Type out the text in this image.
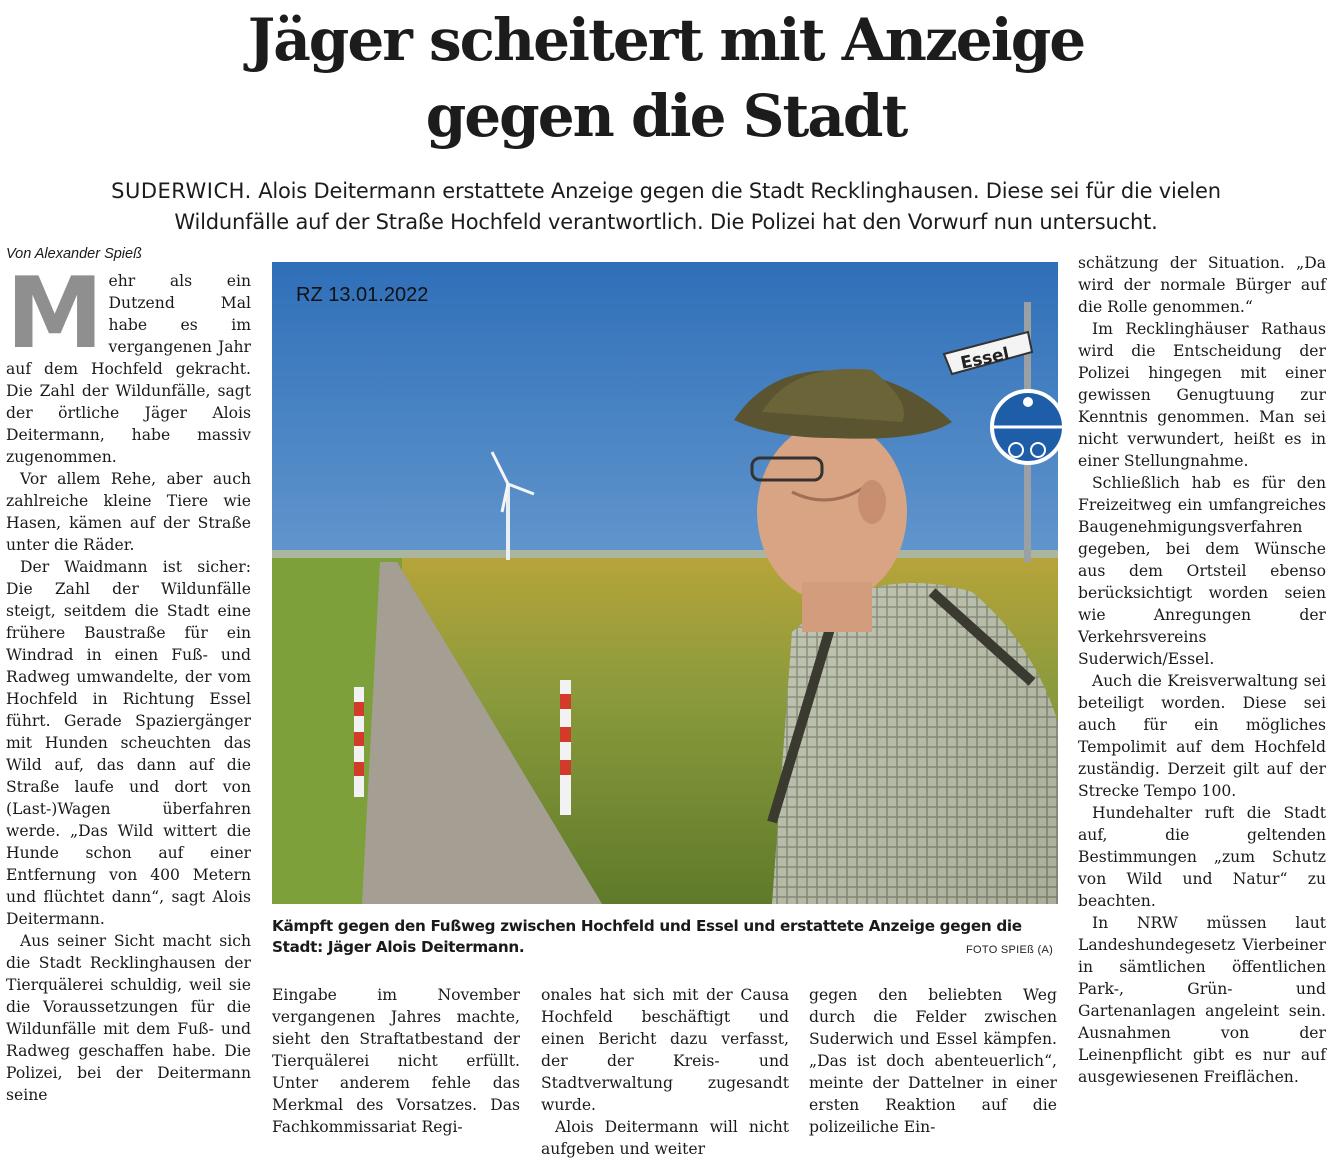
Jäger scheitert mit Anzeige
gegen die Stadt
SUDERWICH. Alois Deitermann erstattete Anzeige gegen die Stadt Recklinghausen. Diese sei für die vielen
Wildunfälle auf der Straße Hochfeld verantwortlich. Die Polizei hat den Vorwurf nun untersucht.
Von Alexander Spieß

Mehr als ein Dutzend Mal habe es im vergangenen Jahr auf dem Hochfeld gekracht. Die Zahl der Wildunfälle, sagt der örtliche Jäger Alois Deitermann, habe massiv zugenommen.

Vor allem Rehe, aber auch zahlreiche kleine Tiere wie Hasen, kämen auf der Straße unter die Räder.

Der Waidmann ist sicher: Die Zahl der Wildunfälle steigt, seitdem die Stadt eine frühere Baustraße für ein Windrad in einen Fuß- und Radweg umwandelte, der vom Hochfeld in Richtung Essel führt. Gerade Spaziergänger mit Hunden scheuchten das Wild auf, das dann auf die Straße laufe und dort von (Last-)Wagen überfahren werde. „Das Wild wittert die Hunde schon auf einer Entfernung von 400 Metern und flüchtet dann“, sagt Alois Deitermann.

Aus seiner Sicht macht sich die Stadt Recklinghausen der Tierquälerei schuldig, weil sie die Voraussetzungen für die Wildunfälle mit dem Fuß- und Radweg geschaffen habe. Die Polizei, bei der Deitermann seine

Essel
RZ 13.01.2022
Kämpft gegen den Fußweg zwischen Hochfeld und Essel und erstattete Anzeige gegen die Stadt: Jäger Alois Deitermann.	FOTO SPIEß (A)

Eingabe im November vergangenen Jahres machte, sieht den Straftatbestand der Tierquälerei nicht erfüllt. Unter anderem fehle das Merkmal des Vorsatzes. Das Fachkommissariat Regi-

onales hat sich mit der Causa Hochfeld beschäftigt und einen Bericht dazu verfasst, der der Kreis- und Stadtverwaltung zugesandt wurde.

Alois Deitermann will nicht aufgeben und weiter

gegen den beliebten Weg durch die Felder zwischen Suderwich und Essel kämpfen. „Das ist doch abenteuerlich“, meinte der Dattelner in einer ersten Reaktion auf die polizeiliche Ein-

schätzung der Situation. „Da wird der normale Bürger auf die Rolle genommen.“

Im Recklinghäuser Rathaus wird die Entscheidung der Polizei hingegen mit einer gewissen Genugtuung zur Kenntnis genommen. Man sei nicht verwundert, heißt es in einer Stellungnahme.

Schließlich hab es für den Freizeitweg ein umfangreiches Baugenehmigungsverfahren gegeben, bei dem Wünsche aus dem Ortsteil ebenso berücksichtigt worden seien wie Anregungen der Verkehrsvereins Suderwich/Essel.

Auch die Kreisverwaltung sei beteiligt worden. Diese sei auch für ein mögliches Tempolimit auf dem Hochfeld zuständig. Derzeit gilt auf der Strecke Tempo 100.

Hundehalter ruft die Stadt auf, die geltenden Bestimmungen „zum Schutz von Wild und Natur“ zu beachten.

In NRW müssen laut Landeshundegesetz Vierbeiner in sämtlichen öffentlichen Park-, Grün- und Gartenanlagen angeleint sein. Ausnahmen von der Leinenpflicht gibt es nur auf ausgewiesenen Freiflächen.
